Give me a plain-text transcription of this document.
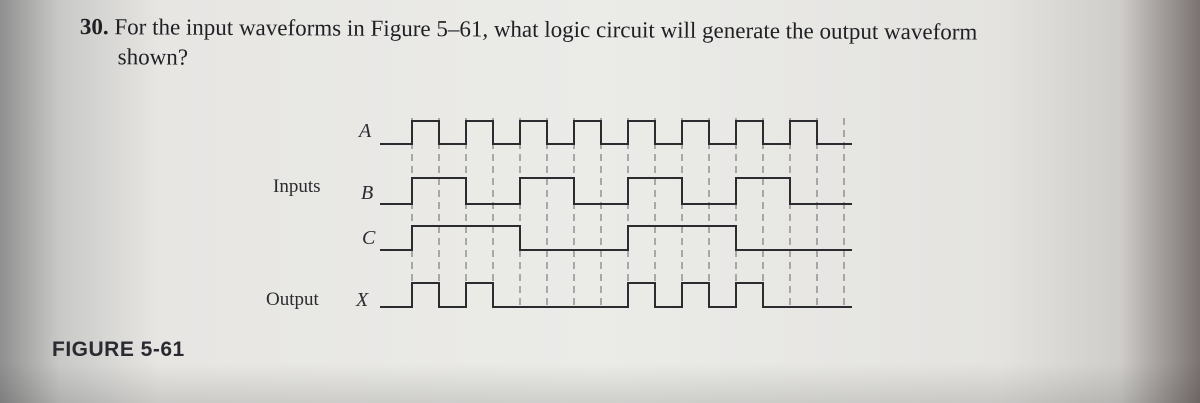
30. For the input waveforms in Figure 5–61, what logic circuit will generate the output waveform
shown?
A
Inputs B
C
Output X
FIGURE 5-61
